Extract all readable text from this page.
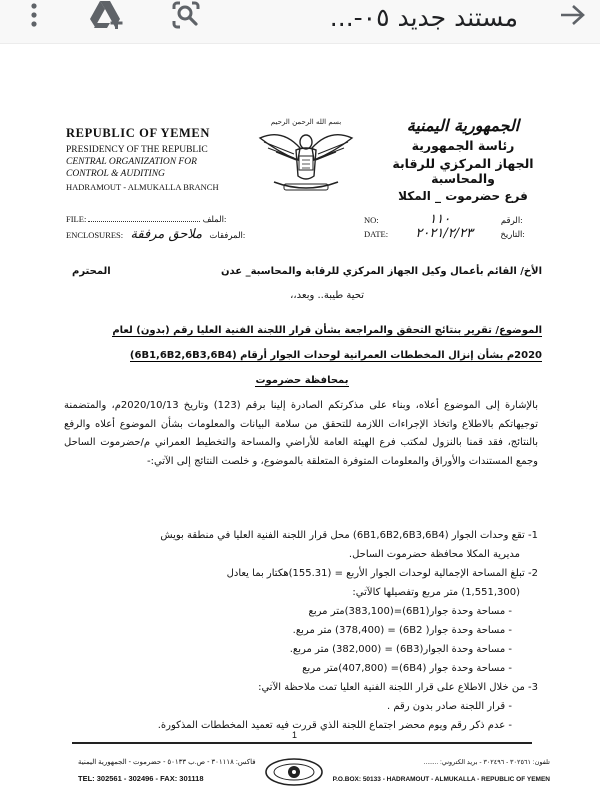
مستند جديد ٠٥-...
REPUBLIC OF YEMEN
PRESIDENCY OF THE REPUBLIC
CENTRAL ORGANIZATION FOR
CONTROL & AUDITING
HADRAMOUT - ALMUKALLA BRANCH
بسم الله الرحمن الرحيم	الجمهورية اليمنية
رئاسة الجمهورية
الجهاز المركزي للرقابة والمحاسبة
فرع حضرموت _ المكلا
FILE:	الملف:
ENCLOSURES: ملاحق مرفقة المرفقات:
NO:	١١٠	الرقم:
DATE: ٢٠٢١/٢/٢٣	التاريخ:
الأخ/ القائم بأعمال وكيل الجهاز المركزي للرقابة والمحاسبة_ عدن
المحترم
تحية طيبة.. وبعد،،
الموضوع/ تقرير بنتائج التحقق والمراجعة بشأن قرار اللجنة الفنية العليا رقم (بدون) لعام
2020م بشأن إنزال المخططات العمرانية لوحدات الجوار أرقام (6B1,6B2,6B3,6B4)
بمحافظة حضرموت
بالإشارة إلى الموضوع أعلاه، وبناء على مذكرتكم الصادرة إلينا برقم (123) وتاريخ 2020/10/13م، والمتضمنة توجيهاتكم بالاطلاع واتخاذ الإجراءات اللازمة للتحقق من سلامة البيانات والمعلومات بشأن الموضوع أعلاه والرفع بالنتائج، فقد قمنا بالنزول لمكتب فرع الهيئة العامة للأراضي والمساحة والتخطيط العمراني م/حضرموت الساحل وجمع المستندات والأوراق والمعلومات المتوفرة المتعلقة بالموضوع، و خلصت النتائج إلى الآتي:-
1- تقع وحدات الجوار (6B1,6B2,6B3,6B4) محل قرار اللجنة الفنية العليا في منطقة بويش
مديرية المكلا محافظة حضرموت الساحل.
2- تبلغ المساحة الإجمالية لوحدات الجوار الأربع = (155.31)هكتار بما يعادل
(1,551,300) متر مربع وتفصيلها كالآتي:
- مساحة وحدة جوار(6B1)=(383,100)متر مربع
- مساحة وحدة جوار( 6B2) = (378,400) متر مربع.
- مساحة وحدة الجوار(6B3) = (382,000) متر مربع.
- مساحة وحدة جوار (6B4)= (407,800)متر مربع
3- من خلال الاطلاع على قرار اللجنة الفنية العليا تمت ملاحظة الآتي:
- قرار اللجنة صادر بدون رقم .
- عدم ذكر رقم ويوم محضر اجتماع اللجنة الذي قررت فيه تعميد المخططات المذكورة.
1
فاكس: ٣٠١١١٨ - ص.ب ٥٠١٣٣ - حضرموت - الجمهورية اليمنية
TEL: 302561 - 302496 - FAX: 301118
تلفون: ٣٠٢٥٦١ - ٣٠٢٤٩٦ - بريد الكتروني: ........
P.O.BOX: 50133 - HADRAMOUT - ALMUKALLA - REPUBLIC OF YEMEN
